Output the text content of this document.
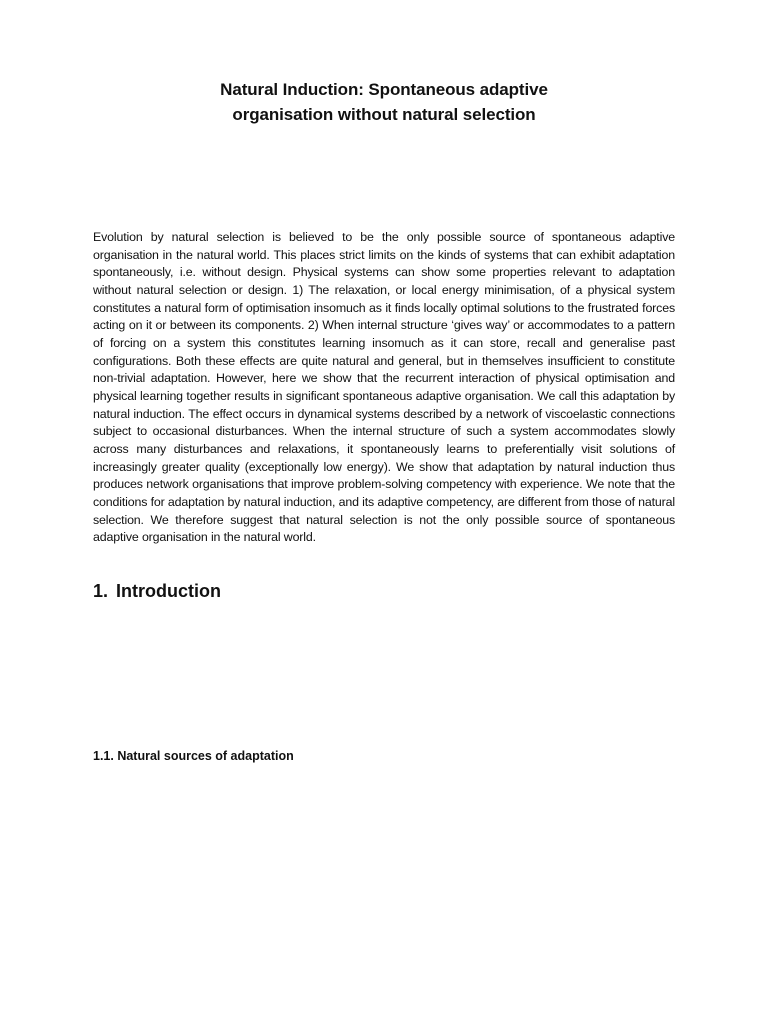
Natural Induction: Spontaneous adaptive
organisation without natural selection

Evolution by natural selection is believed to be the only possible source of spontaneous adaptive organisation in the natural world. This places strict limits on the kinds of systems that can exhibit adaptation spontaneously, i.e. without design. Physical systems can show some properties relevant to adaptation without natural selection or design. 1) The relaxation, or local energy minimisation, of a physical system constitutes a natural form of optimisation insomuch as it finds locally optimal solutions to the frustrated forces acting on it or between its components. 2) When internal structure ‘gives way’ or accommodates to a pattern of forcing on a system this constitutes learning insomuch as it can store, recall and generalise past configurations. Both these effects are quite natural and general, but in themselves insufficient to constitute non-trivial adaptation. However, here we show that the recurrent interaction of physical optimisation and physical learning together results in significant spontaneous adaptive organisation. We call this adaptation by natural induction. The effect occurs in dynamical systems described by a network of viscoelastic connections subject to occasional disturbances. When the internal structure of such a system accommodates slowly across many disturbances and relaxations, it spontaneously learns to preferentially visit solutions of increasingly greater quality (exceptionally low energy). We show that adaptation by natural induction thus produces network organisations that improve problem-solving competency with experience. We note that the conditions for adaptation by natural induction, and its adaptive competency, are different from those of natural selection. We therefore suggest that natural selection is not the only possible source of spontaneous adaptive organisation in the natural world.

1. Introduction
1.1. Natural sources of adaptation
